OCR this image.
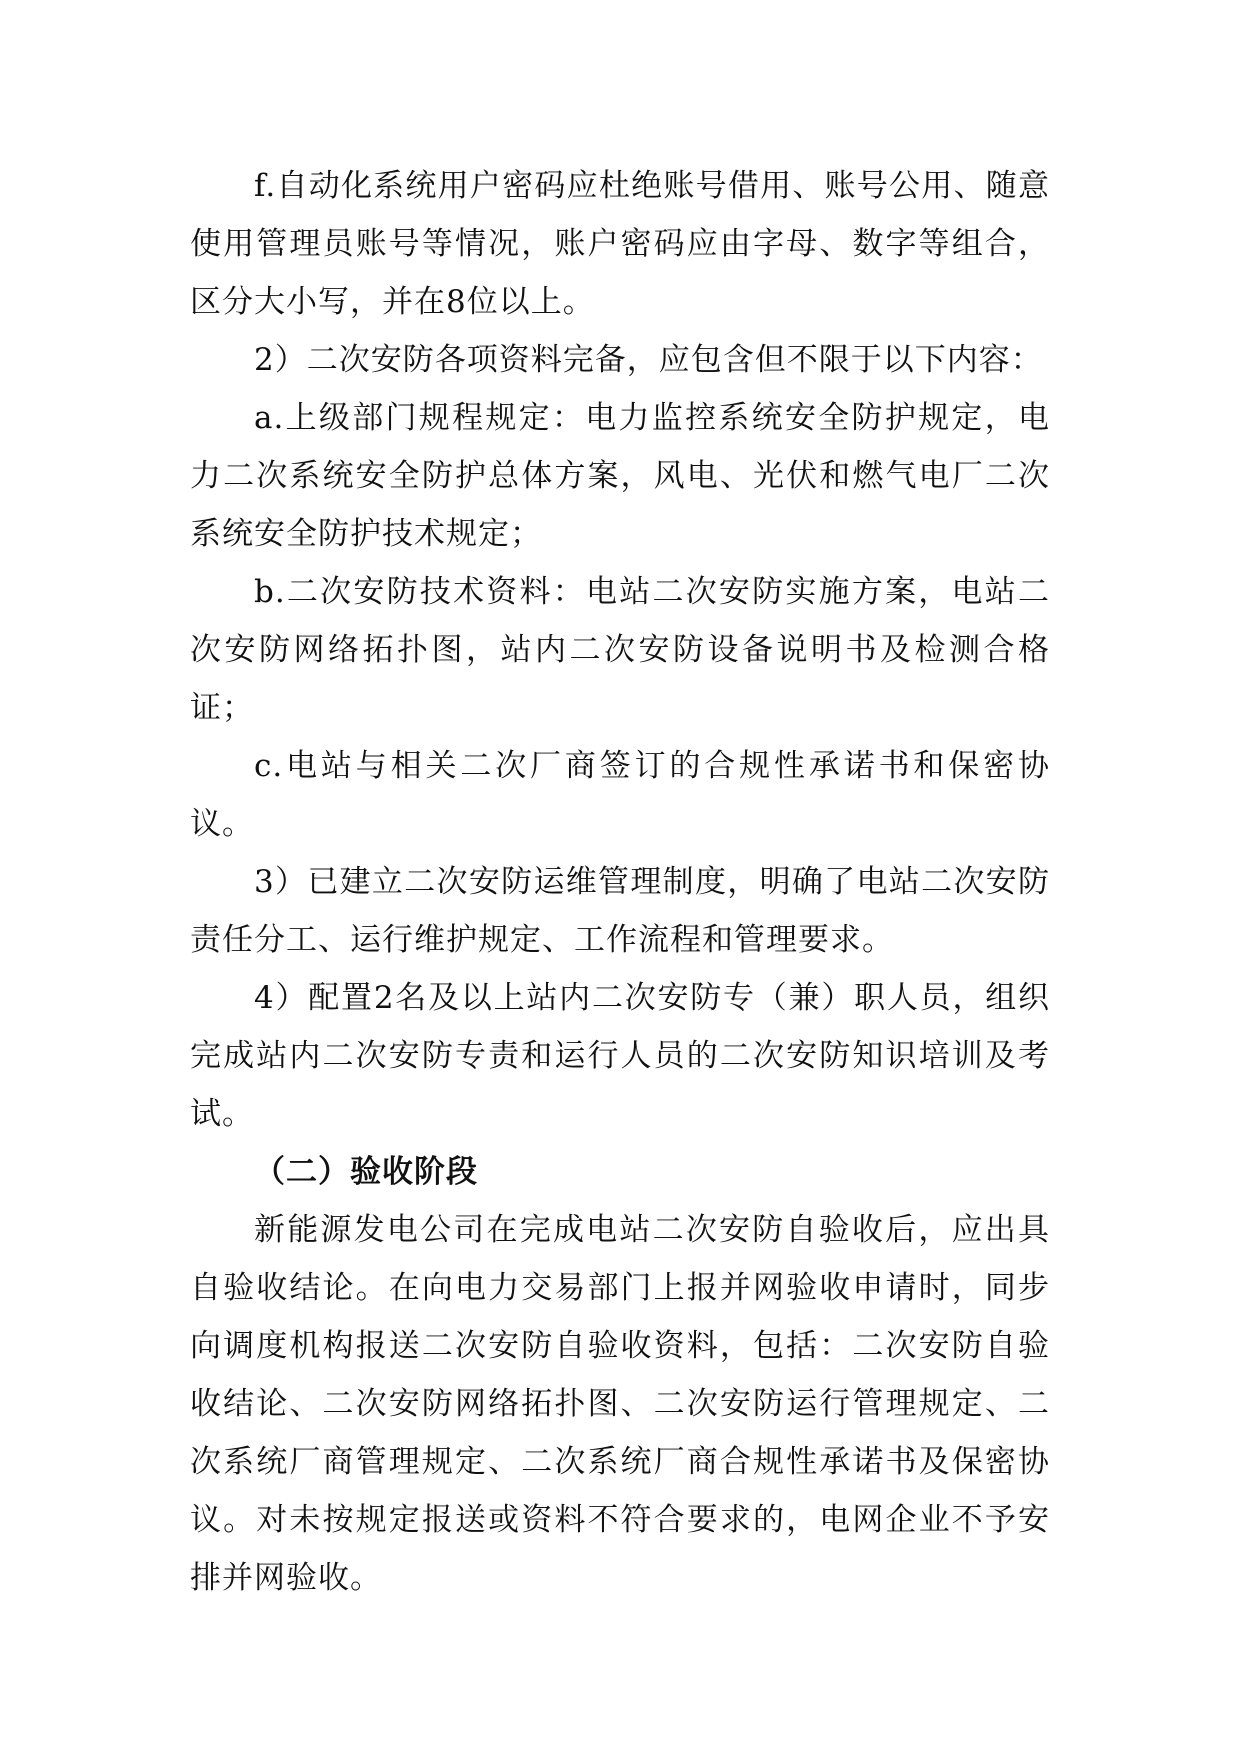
f.自动化系统用户密码应杜绝账号借用、账号公用、随意使用管理员账号等情况，账户密码应由字母、数字等组合，区分大小写，并在8位以上。

2）二次安防各项资料完备，应包含但不限于以下内容：

a.上级部门规程规定：电力监控系统安全防护规定，电力二次系统安全防护总体方案，风电、光伏和燃气电厂二次系统安全防护技术规定；

b.二次安防技术资料：电站二次安防实施方案，电站二次安防网络拓扑图，站内二次安防设备说明书及检测合格证；

c.电站与相关二次厂商签订的合规性承诺书和保密协议。

3）已建立二次安防运维管理制度，明确了电站二次安防责任分工、运行维护规定、工作流程和管理要求。

4）配置2名及以上站内二次安防专（兼）职人员，组织完成站内二次安防专责和运行人员的二次安防知识培训及考试。

（二）验收阶段

新能源发电公司在完成电站二次安防自验收后，应出具自验收结论。在向电力交易部门上报并网验收申请时，同步向调度机构报送二次安防自验收资料，包括：二次安防自验收结论、二次安防网络拓扑图、二次安防运行管理规定、二次系统厂商管理规定、二次系统厂商合规性承诺书及保密协议。对未按规定报送或资料不符合要求的，电网企业不予安排并网验收。
